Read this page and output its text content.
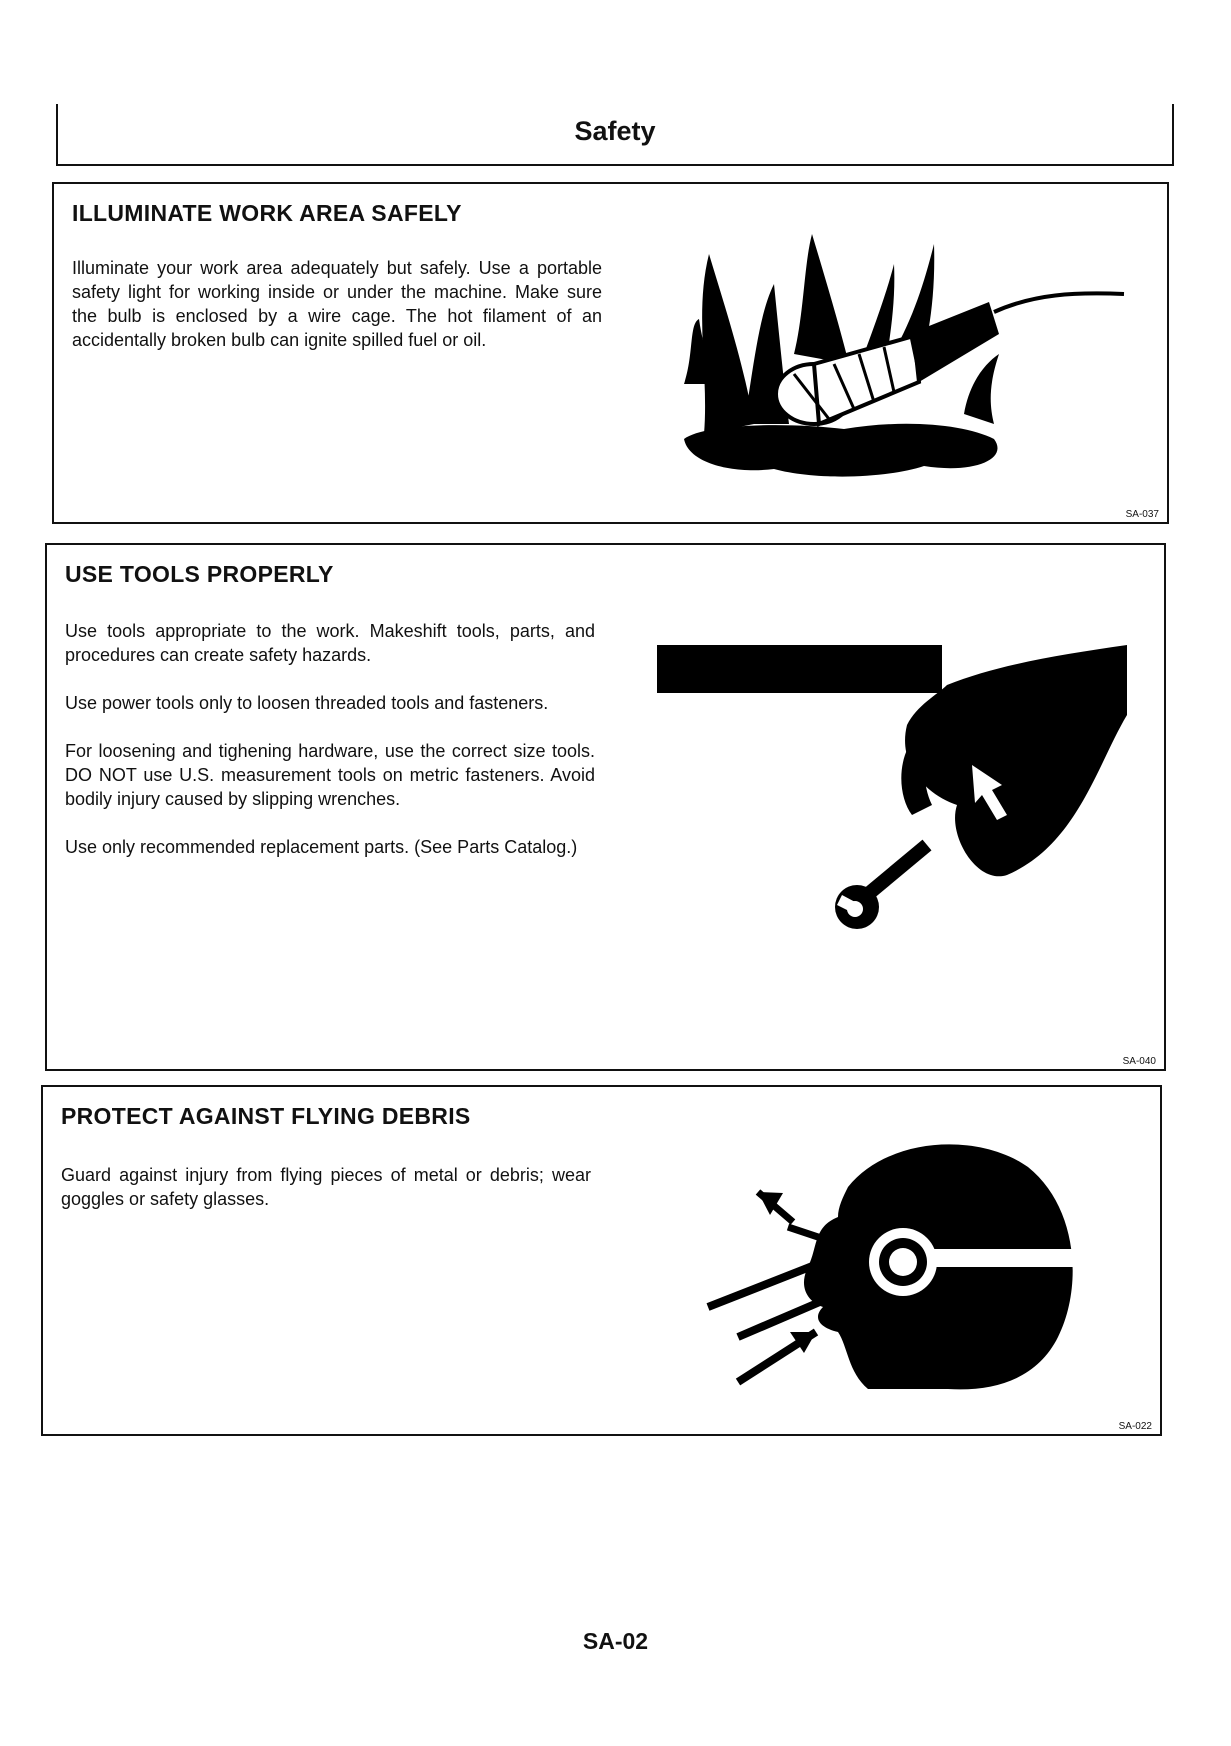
Safety
ILLUMINATE WORK AREA SAFELY

Illuminate your work area adequately but safely. Use a portable safety light for working inside or under the machine. Make sure the bulb is enclosed by a wire cage. The hot filament of an accidentally broken bulb can ignite spilled fuel or oil.

SA-037
USE TOOLS PROPERLY

Use tools appropriate to the work. Makeshift tools, parts, and procedures can create safety hazards.

Use power tools only to loosen threaded tools and fasteners.

For loosening and tighening hardware, use the correct size tools. DO NOT use U.S. measurement tools on metric fasteners. Avoid bodily injury caused by slipping wrenches.

Use only recommended replacement parts. (See Parts Catalog.)

SA-040
PROTECT AGAINST FLYING DEBRIS

Guard against injury from flying pieces of metal or debris; wear goggles or safety glasses.

SA-022
SA-02
